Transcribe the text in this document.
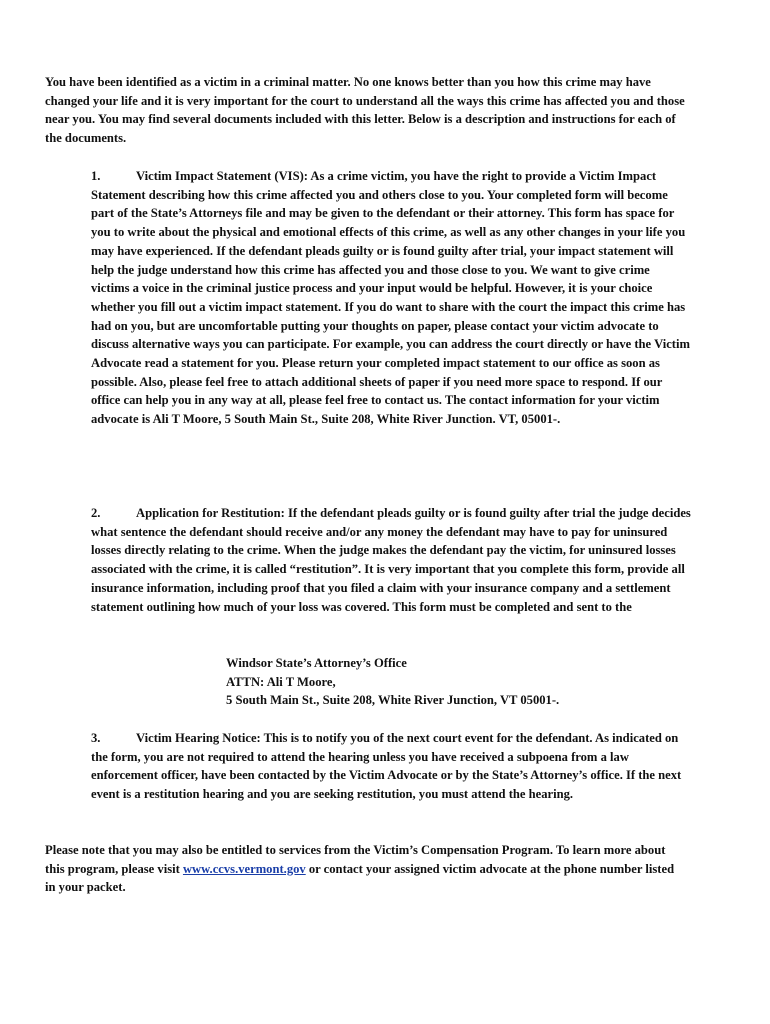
You have been identified as a victim in a criminal matter. No one knows better than you how this crime may have changed your life and it is very important for the court to understand all the ways this crime has affected you and those near you. You may find several documents included with this letter. Below is a description and instructions for each of the documents.

1.	Victim Impact Statement (VIS): As a crime victim, you have the right to provide a Victim Impact Statement describing how this crime affected you and others close to you. Your completed form will become part of the State’s Attorneys file and may be given to the defendant or their attorney. This form has space for you to write about the physical and emotional effects of this crime, as well as any other changes in your life you may have experienced. If the defendant pleads guilty or is found guilty after trial, your impact statement will help the judge understand how this crime has affected you and those close to you. We want to give crime victims a voice in the criminal justice process and your input would be helpful. However, it is your choice whether you fill out a victim impact statement. If you do want to share with the court the impact this crime has had on you, but are uncomfortable putting your thoughts on paper, please contact your victim advocate to discuss alternative ways you can participate. For example, you can address the court directly or have the Victim Advocate read a statement for you. Please return your completed impact statement to our office as soon as possible. Also, please feel free to attach additional sheets of paper if you need more space to respond. If our office can help you in any way at all, please feel free to contact us. The contact information for your victim advocate is Ali T Moore, 5 South Main St., Suite 208, White River Junction. VT, 05001-.

2.	Application for Restitution: If the defendant pleads guilty or is found guilty after trial the judge decides what sentence the defendant should receive and/or any money the defendant may have to pay for uninsured losses directly relating to the crime. When the judge makes the defendant pay the victim, for uninsured losses associated with the crime, it is called “restitution”. It is very important that you complete this form, provide all insurance information, including proof that you filed a claim with your insurance company and a settlement statement outlining how much of your loss was covered. This form must be completed and sent to the

Windsor State’s Attorney’s Office
ATTN: Ali T Moore,
5 South Main St., Suite 208, White River Junction, VT 05001-.

3.	Victim Hearing Notice: This is to notify you of the next court event for the defendant. As indicated on the form, you are not required to attend the hearing unless you have received a subpoena from a law enforcement officer, have been contacted by the Victim Advocate or by the State’s Attorney’s office. If the next event is a restitution hearing and you are seeking restitution, you must attend the hearing.

Please note that you may also be entitled to services from the Victim’s Compensation Program. To learn more about this program, please visit www.ccvs.vermont.gov or contact your assigned victim advocate at the phone number listed in your packet.
